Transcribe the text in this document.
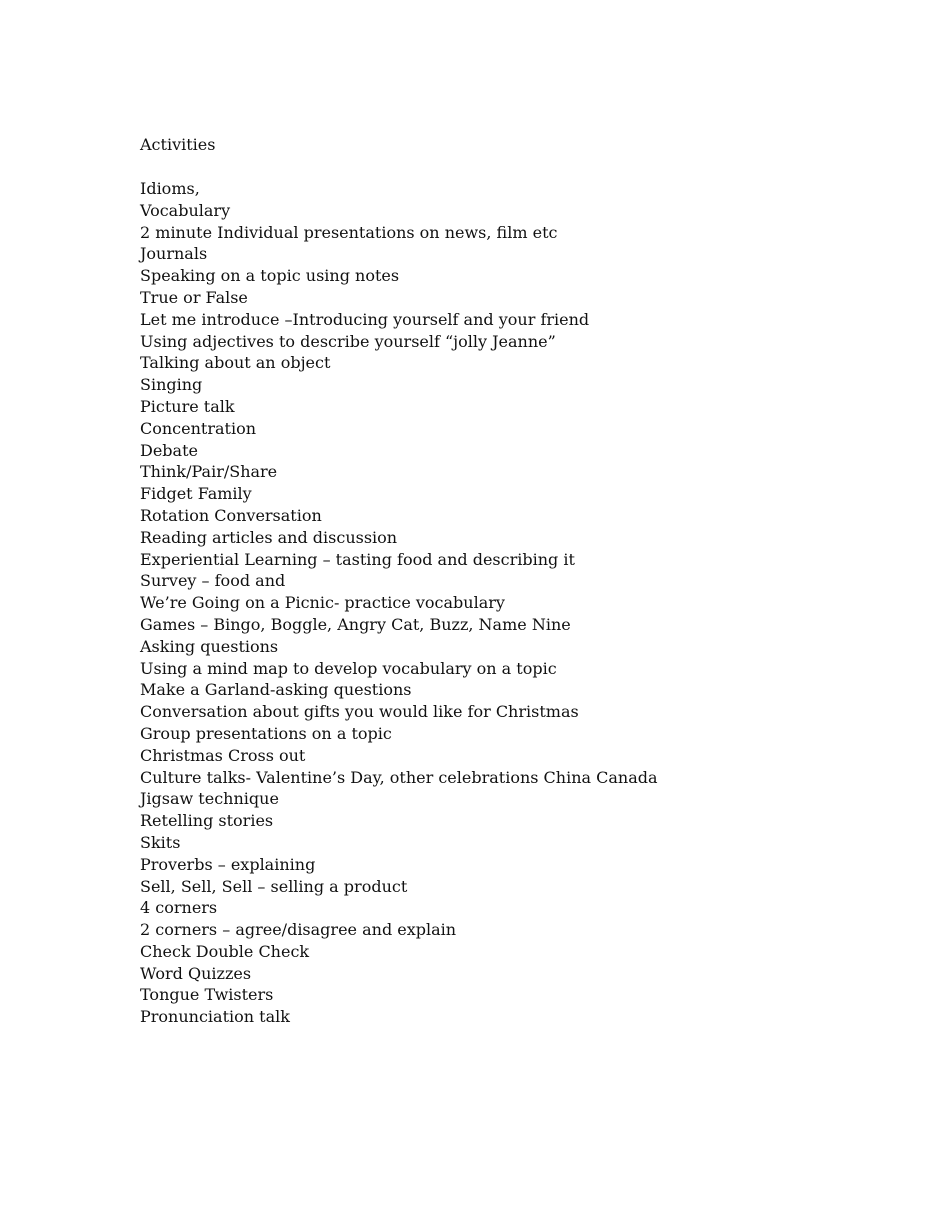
Activities

Idioms,
Vocabulary
2 minute Individual presentations on news, film etc
Journals
Speaking on a topic using notes
True or False
Let me introduce –Introducing yourself and your friend
Using adjectives to describe yourself “jolly Jeanne”
Talking about an object
Singing
Picture talk
Concentration
Debate
Think/Pair/Share
Fidget Family
Rotation Conversation
Reading articles and discussion
Experiential Learning – tasting food and describing it
Survey – food and
We’re Going on a Picnic- practice vocabulary
Games – Bingo, Boggle, Angry Cat, Buzz, Name Nine
Asking questions
Using a mind map to develop vocabulary on a topic
Make a Garland-asking questions
Conversation about gifts you would like for Christmas
Group presentations on a topic
Christmas Cross out
Culture talks- Valentine’s Day, other celebrations China Canada
Jigsaw technique
Retelling stories
Skits
Proverbs – explaining
Sell, Sell, Sell – selling a product
4 corners
2 corners – agree/disagree and explain
Check Double Check
Word Quizzes
Tongue Twisters
Pronunciation talk
